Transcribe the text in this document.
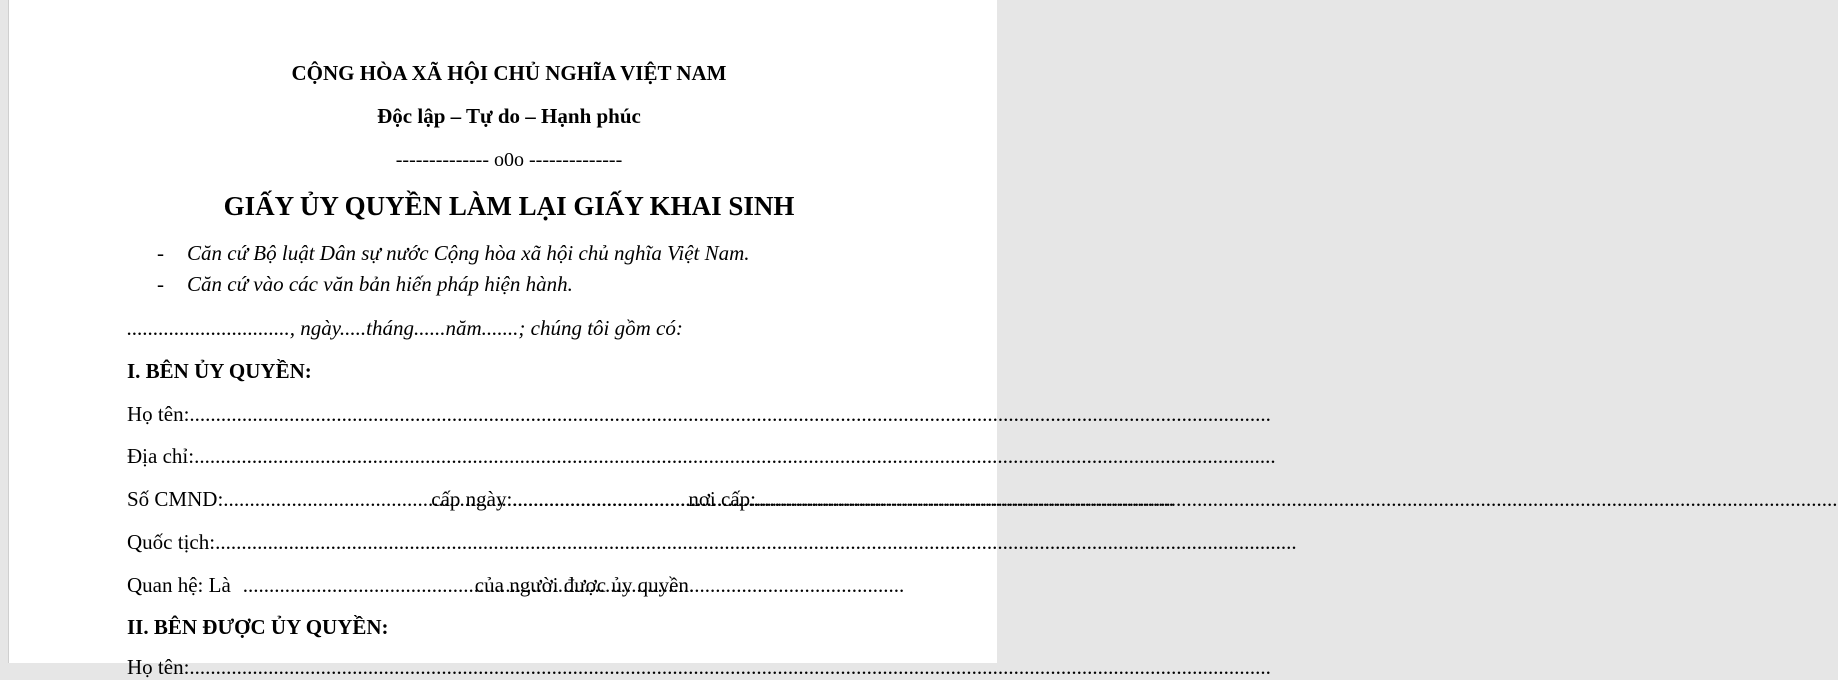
CỘNG HÒA XÃ HỘI CHỦ NGHĨA VIỆT NAM
Độc lập – Tự do – Hạnh phúc
-------------- o0o --------------
GIẤY ỦY QUYỀN LÀM LẠI GIẤY KHAI SINH
- Căn cứ Bộ luật Dân sự nước Cộng hòa xã hội chủ nghĩa Việt Nam.
- Căn cứ vào các văn bản hiến pháp hiện hành.
..............................., ngày.....tháng......năm.......; chúng tôi gồm có:
I. BÊN ỦY QUYỀN:
Họ tên:
.....
Địa chỉ:
.....
Số CMND: .....	cấp ngày: .....	nơi cấp:
.....
Quốc tịch:
.....
Quan hệ: Là .....	của người được ủy quyền.
II. BÊN ĐƯỢC ỦY QUYỀN:
Họ tên:
.....
